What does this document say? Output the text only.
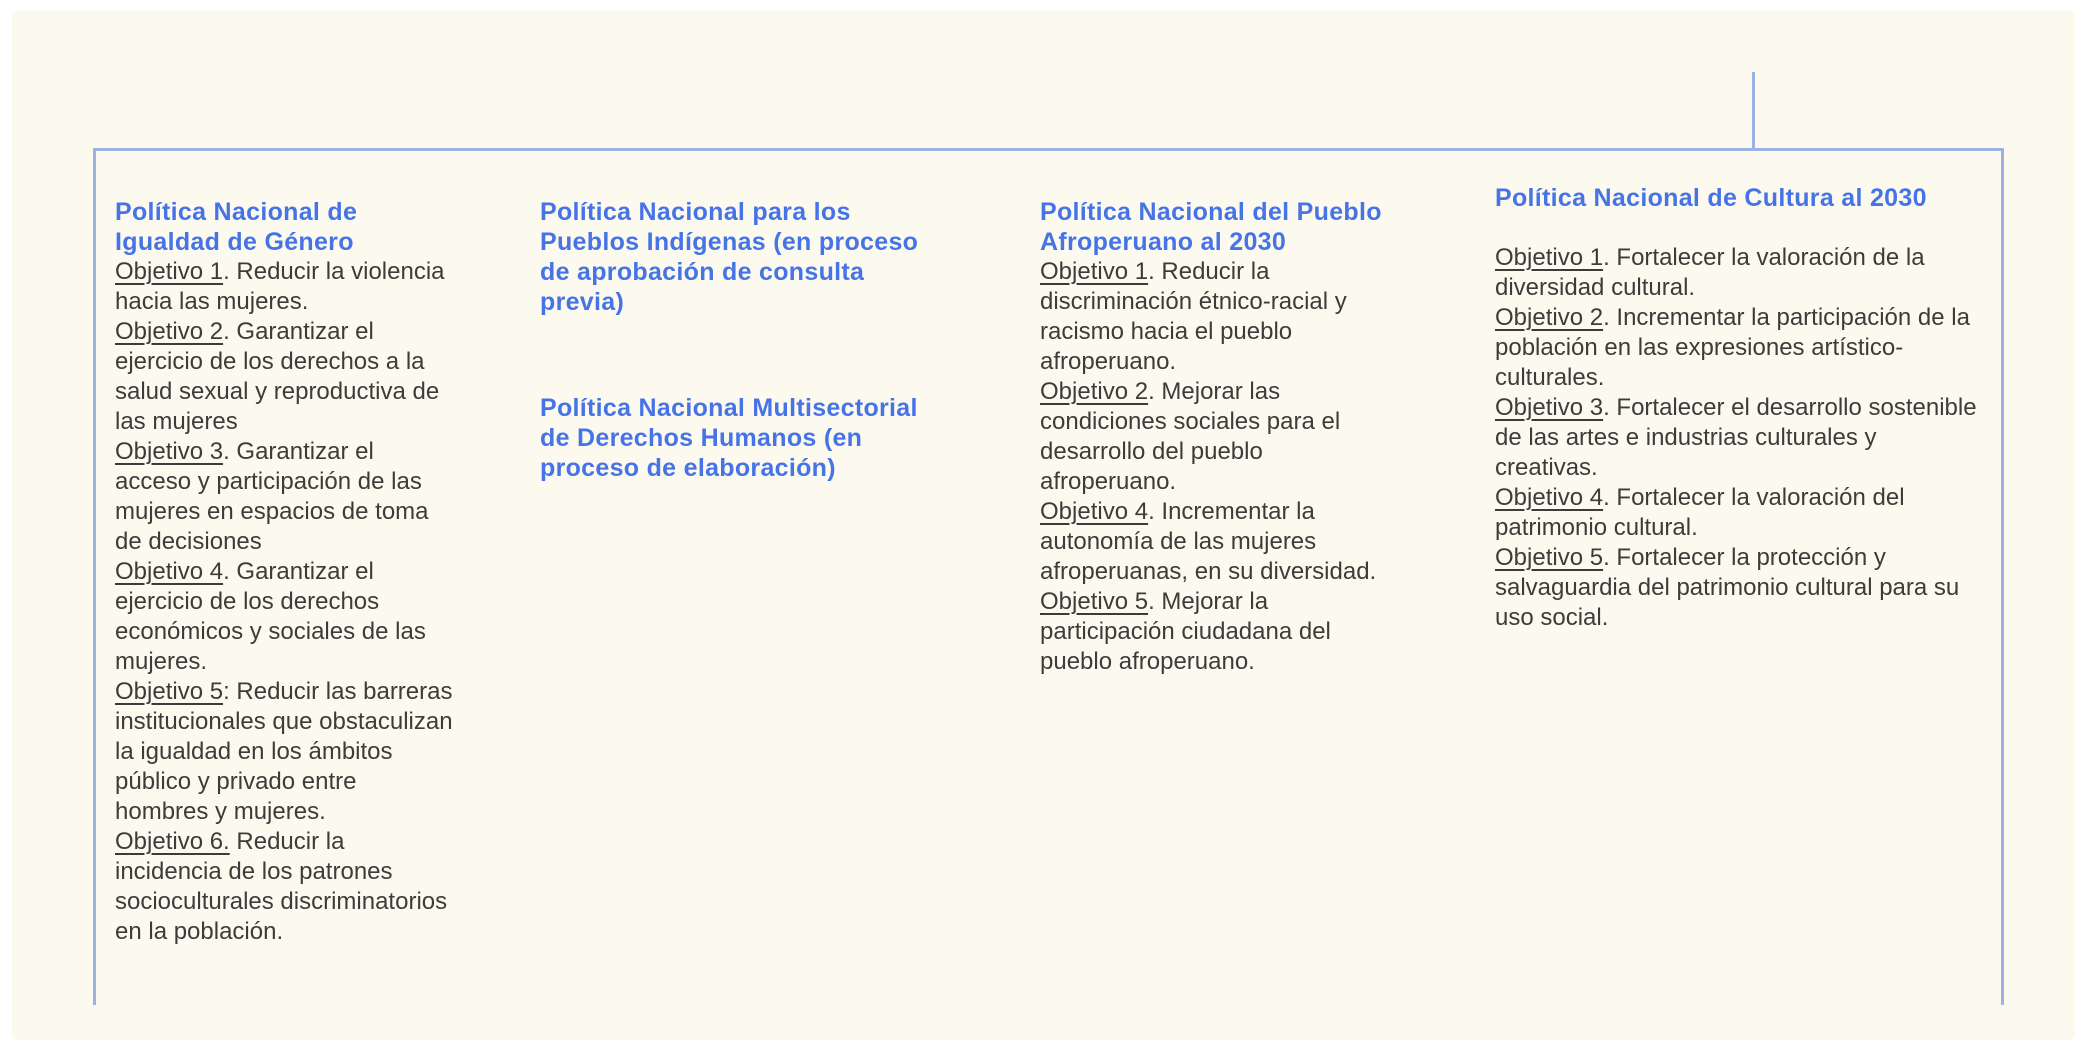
Política Nacional de Igualdad de Género

Objetivo 1. Reducir la violencia hacia las mujeres.

Objetivo 2. Garantizar el ejercicio de los derechos a la salud sexual y reproductiva de las mujeres

Objetivo 3. Garantizar el acceso y participación de las mujeres en espacios de toma de decisiones

Objetivo 4. Garantizar el ejercicio de los derechos económicos y sociales de las mujeres.

Objetivo 5: Reducir las barreras institucionales que obstaculizan la igualdad en los ámbitos público y privado entre hombres y mujeres.

Objetivo 6. Reducir la incidencia de los patrones socioculturales discriminatorios en la población.

Política Nacional para los Pueblos Indígenas (en proceso de aprobación de consulta previa)
Política Nacional Multisectorial de Derechos Humanos (en proceso de elaboración)
Política Nacional del Pueblo Afroperuano al 2030

Objetivo 1. Reducir la discriminación étnico-racial y racismo hacia el pueblo afroperuano.

Objetivo 2. Mejorar las condiciones sociales para el desarrollo del pueblo afroperuano.

Objetivo 4. Incrementar la autonomía de las mujeres afroperuanas, en su diversidad.

Objetivo 5. Mejorar la participación ciudadana del pueblo afroperuano.

Política Nacional de Cultura al 2030

Objetivo 1. Fortalecer la valoración de la diversidad cultural.

Objetivo 2. Incrementar la participación de la población en las expresiones artístico-culturales.

Objetivo 3. Fortalecer el desarrollo sostenible de las artes e industrias culturales y creativas.

Objetivo 4. Fortalecer la valoración del patrimonio cultural.

Objetivo 5. Fortalecer la protección y salvaguardia del patrimonio cultural para su uso social.
